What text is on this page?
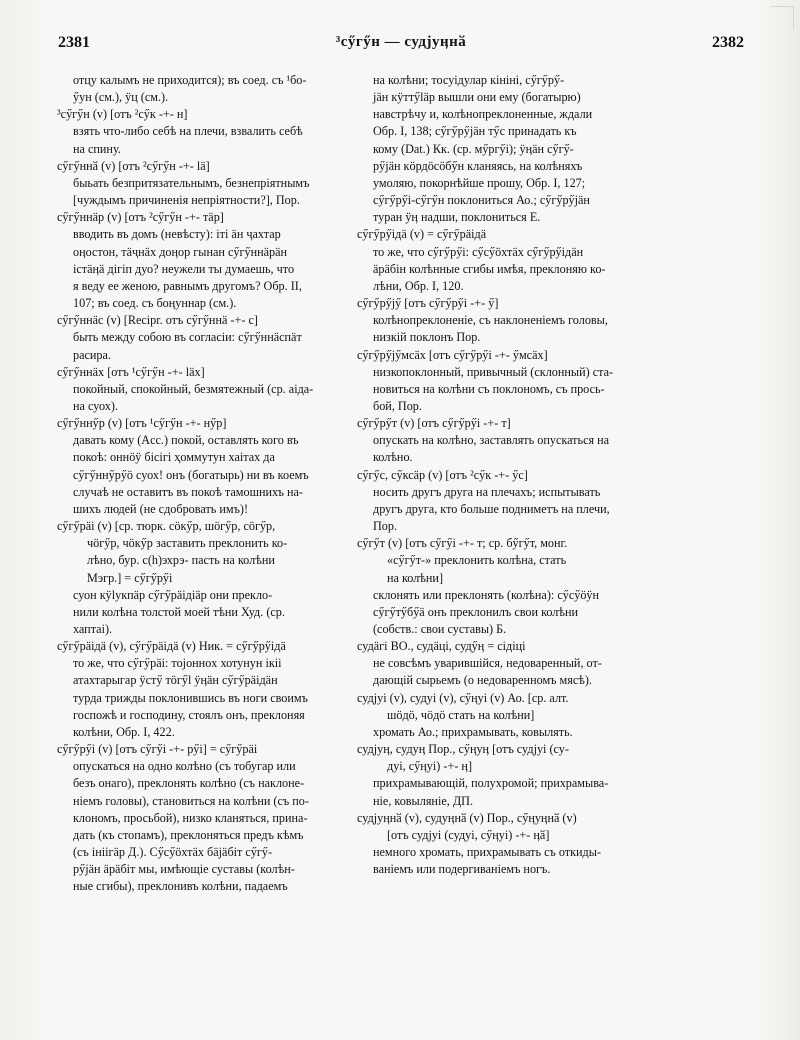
2381	³сӳгӳн — судјуӊнӑ	2382
отцу калымъ не приходится); въ соед. съ ¹бо-
ӳун (см.), ӱц (см.).
³сӳгӳн (v) [отъ ²сӳк -+- н]
взять что-либо себѣ на плечи, взвалить себѣ
на спину.
сӳгӳннӑ (v) [отъ ²сӳгӳн -+- lä]
быьать безпритязательнымъ, безнепріятнымъ
[чуждымъ причиненія непріятности?], Пор.
сӳгӳннӓр (v) [отъ ²сӳгӳн -+- тӓр]
вводить въ домъ (невѣсту): іті ӓн ҷахтар
оӊостон, тӓҷнӓх доӊор гынан сӳгӳннӓрӓн
iстӓӊӓ дігіп дуо? неужели ты думаешь, что
я веду ее женою, равнымъ другомъ? Обр. II,
107; въ соед. съ боӊуннар (см.).
сӳгӳннӓс (v) [Recipr. отъ сӳгӳннӓ -+- с]
быть между собою въ согласіи: сӳгӳннӓспӓт
расира.
сӳгӳннӓх [отъ ¹сӳгӳн -+- läx]
покойный, спокойный, безмятежный (ср. аiда-
на суох).
сӳгӳннӳр (v) [отъ ¹сӳгӳн -+- нӳр]
давать кому (Acc.) покой, оставлять кого въ
покоѣ: оннӧӱ бісігі ҳоммутун хаiтах да
сӳгӳннӳрӳӧ суох! онъ (богатырь) ни въ коемъ
случаѣ не оставитъ въ покоѣ тамошнихъ на-
шихъ людей (не сдобровать имъ)!
сӳгӳрӓi (v) [ср. тюрк. сӧкӳр, шӧгӳр, сӧгӳр,
чӧгӳр, чӧкӳр заставить преклонить ко-
лѣно, бур. с(h)эхрэ- пасть на колѣни
Мэгр.] = сӳгӳрӳi
суон кӱlукпӓр сӳгӳрӓiдiӓр они прекло-
нили колѣна толстой моей тѣни Худ. (ср.
хаптаі).
сӳгӳрӓiдӓ (v), сӳгӳрӓiдӓ (v) Ник. = сӳгӳрӳiдӓ
то же, что сӳгӳрӓi: тоjонноx хотунун iкiі
атахтарыгар ӱстӳ тӧгӳl ӱӊӓн сӳгӳрӓiдӓн
турда трижды поклонившись въ ноги своимъ
госпожѣ и господину, стоялъ онъ, преклоняя
колѣни, Обр. I, 422.
сӳгӳрӳi (v) [отъ сӳгӳi -+- рӳi] = сӳгӳрӓi
опускаться на одно колѣно (съ тобугар или
безъ онаго), преклонять колѣно (съ наклоне-
ніемъ головы), становиться на колѣни (съ по-
клономъ, просьбой), низко кланяться, прина-
дать (къ стопамъ), преклоняться предъ кѣмъ
(съ iнiiгӓр Д.). Сӳсӳӧхтӓх бӓjӓбiт сӳгӳ-
рӳjӓн ӓрӓбiт мы, имѣющіе суставы (колѣн-
ные сгибы), преклонивъ колѣни, падаемъ
на колѣни; тосуiдулар кінінi, сӳгӳрӳ-
jӓн кӱттӳlӓр вышли они ему (богатырю)
навстрѣчу и, колѣнопреклоненные, ждали
Обр. I, 138; сӳгӳрӳjӓн тӳс принадать къ
кому (Dat.) Кк. (ср. мӳргӳi); ӱӊӓн сӳгӳ-
рӳjӓн кӧрдӧсӧбӳн кланяясь, на колѣняхъ
умоляю, покорнѣйше прошу, Обр. I, 127;
сӳгӳрӳi-сӳгӳн поклониться Ао.; сӳгӳрӳjӓн
туран ӱӊ надши, поклониться Е.
сӳгӳрӳiдӓ (v) = сӳгӳрӓiдӓ
то же, что сӳгӳрӳi: сӳсӳӧхтӓх сӳгӳрӳiдӓн
ӓрӓбiн колѣнные сгибы имѣя, преклоняю ко-
лѣни, Обр. I, 120.
сӳгӳрӳjӳ [отъ сӳгӳрӳi -+- ӳ]
колѣнопреклоненіе, съ наклоненіемъ головы,
низкій поклонъ Пор.
сӳгӳрӳjӳмсӓх [отъ сӳгӳрӳi -+- ӳмсӓх]
низкопоклонный, привычный (склонный) ста-
новиться на колѣни съ поклономъ, съ прось-
бой, Пор.
сӳгӳрӳт (v) [отъ сӳгӳрӳi -+- т]
опускать на колѣно, заставлять опускаться на
колѣно.
сӳгӳс, сӳксӓр (v) [отъ ²сӳк -+- ӳс]
носить другъ друга на плечахъ; испытывать
другъ друга, кто больше подниметъ на плечи,
Пор.
сӳгӳт (v) [отъ сӳгӳi -+- т; ср. бӳгӳт, монг.
«сӳгӳт-» преклонить колѣна, стать
на колѣни]
склонять или преклонять (колѣна): сӳсӳӧӱн
сӳгӳтӳбӳӓ онъ преклонилъ свои колѣни
(собств.: свои суставы) Б.
судӓгi ВО., судӓцi, судӳӊ = сiдiцi
не совсѣмъ уварившійся, недоваренный, от-
дающій сырьемъ (о недоваренномъ мясѣ).
судјуi (v), судуi (v), сӳӊуi (v) Ао. [ср. алт.
шӧдӧ, чӧдӧ стать на колѣни]
хромать Ао.; прихрамывать, ковылять.
судјуӊ, судуӊ Пор., сӳӊуӊ [отъ судјуi (су-
дуi, сӳӊуi) -+- ӊ]
прихрамывающій, полухромой; прихрамыва-
ніе, ковыляніе, ДП.
судјуӊнӑ (v), судуӊнӑ (v) Пор., сӳӊуӊнӑ (v)
[отъ судјуi (судуi, сӳӊуi) -+- ӊӑ]
немного хромать, прихрамывать съ откиды-
ваніемъ или подергиваніемъ ногъ.
